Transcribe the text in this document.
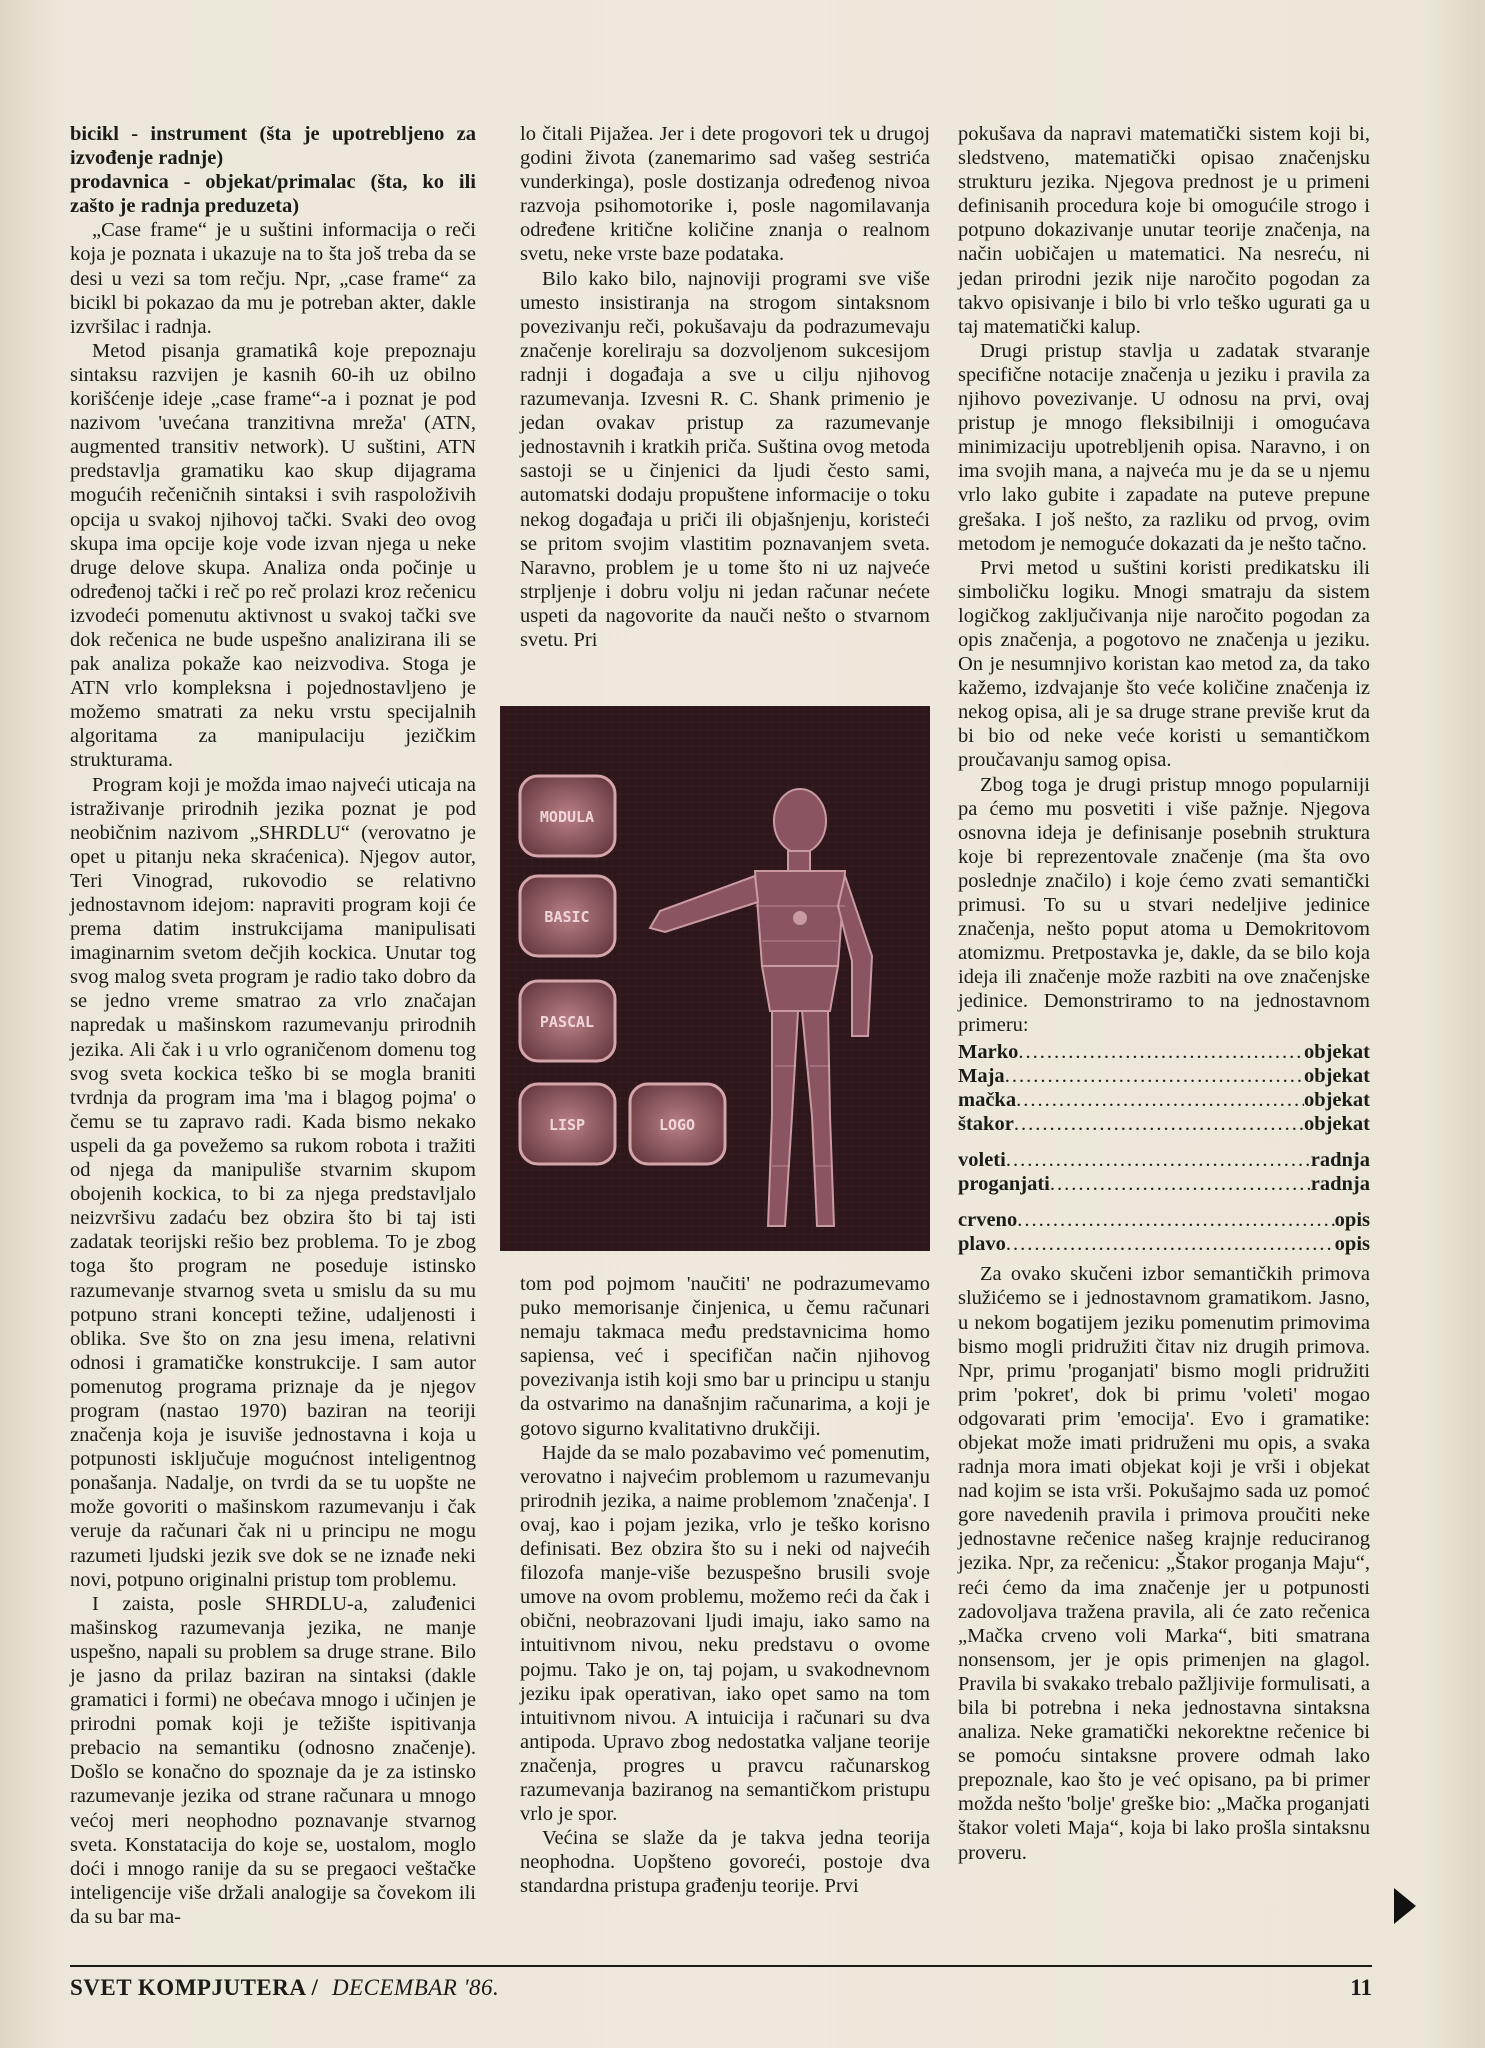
bicikl - instrument (šta je upotrebljeno za izvođenje radnje)

prodavnica - objekat/primalac (šta, ko ili zašto je radnja preduzeta)

„Case frame“ je u suštini informacija o reči koja je poznata i ukazuje na to šta još treba da se desi u vezi sa tom rečju. Npr, „case frame“ za bicikl bi pokazao da mu je potreban akter, dakle izvršilac i radnja.

Metod pisanja gramatikâ koje prepoznaju sintaksu razvijen je kasnih 60-ih uz obilno korišćenje ideje „case frame“-a i poznat je pod nazivom 'uvećana tranzitivna mreža' (ATN, augmented transitiv network). U suštini, ATN predstavlja gramatiku kao skup dijagrama mogućih rečeničnih sintaksi i svih raspoloživih opcija u svakoj njihovoj tački. Svaki deo ovog skupa ima opcije koje vode izvan njega u neke druge delove skupa. Analiza onda počinje u određenoj tački i reč po reč prolazi kroz rečenicu izvodeći pomenutu aktivnost u svakoj tački sve dok rečenica ne bude uspešno analizirana ili se pak analiza pokaže kao neizvodiva. Stoga je ATN vrlo kompleksna i pojednostavljeno je možemo smatrati za neku vrstu specijalnih algoritama za manipulaciju jezičkim strukturama.

Program koji je možda imao najveći uticaja na istraživanje prirodnih jezika poznat je pod neobičnim nazivom „SHRDLU“ (verovatno je opet u pitanju neka skraćenica). Njegov autor, Teri Vinograd, rukovodio se relativno jednostavnom idejom: napraviti program koji će prema datim instrukcijama manipulisati imaginarnim svetom dečjih kockica. Unutar tog svog malog sveta program je radio tako dobro da se jedno vreme smatrao za vrlo značajan napredak u mašinskom razumevanju prirodnih jezika. Ali čak i u vrlo ograničenom domenu tog svog sveta kockica teško bi se mogla braniti tvrdnja da program ima 'ma i blagog pojma' o čemu se tu zapravo radi. Kada bismo nekako uspeli da ga povežemo sa rukom robota i tražiti od njega da manipuliše stvarnim skupom obojenih kockica, to bi za njega predstavljalo neizvršivu zadaću bez obzira što bi taj isti zadatak teorijski rešio bez problema. To je zbog toga što program ne poseduje istinsko razumevanje stvarnog sveta u smislu da su mu potpuno strani koncepti težine, udaljenosti i oblika. Sve što on zna jesu imena, relativni odnosi i gramatičke konstrukcije. I sam autor pomenutog programa priznaje da je njegov program (nastao 1970) baziran na teoriji značenja koja je isuviše jednostavna i koja u potpunosti isključuje mogućnost inteligentnog ponašanja. Nadalje, on tvrdi da se tu uopšte ne može govoriti o mašinskom razumevanju i čak veruje da računari čak ni u principu ne mogu razumeti ljudski jezik sve dok se ne iznađe neki novi, potpuno originalni pristup tom problemu.

I zaista, posle SHRDLU-a, zaluđenici mašinskog razumevanja jezika, ne manje uspešno, napali su problem sa druge strane. Bilo je jasno da prilaz baziran na sintaksi (dakle gramatici i formi) ne obećava mnogo i učinjen je prirodni pomak koji je težište ispitivanja prebacio na semantiku (odnosno značenje). Došlo se konačno do spoznaje da je za istinsko razumevanje jezika od strane računara u mnogo većoj meri neophodno poznavanje stvarnog sveta. Konstatacija do koje se, uostalom, moglo doći i mnogo ranije da su se pregaoci veštačke inteligencije više držali analogije sa čovekom ili da su bar ma-

lo čitali Pijažea. Jer i dete progovori tek u drugoj godini života (zanemarimo sad vašeg sestrića vunderkinga), posle dostizanja određenog nivoa razvoja psihomotorike i, posle nagomilavanja određene kritične količine znanja o realnom svetu, neke vrste baze podataka.

Bilo kako bilo, najnoviji programi sve više umesto insistiranja na strogom sintaksnom povezivanju reči, pokušavaju da podrazumevaju značenje koreliraju sa dozvoljenom sukcesijom radnji i događaja a sve u cilju njihovog razumevanja. Izvesni R. C. Shank primenio je jedan ovakav pristup za razumevanje jednostavnih i kratkih priča. Suština ovog metoda sastoji se u činjenici da ljudi često sami, automatski dodaju propuštene informacije o toku nekog događaja u priči ili objašnjenju, koristeći se pritom svojim vlastitim poznavanjem sveta. Naravno, problem je u tome što ni uz najveće strpljenje i dobru volju ni jedan računar nećete uspeti da nagovorite da nauči nešto o stvarnom svetu. Pri

MODULA
BASIC
PASCAL
LISP	LOGO

tom pod pojmom 'naučiti' ne podrazumevamo puko memorisanje činjenica, u čemu računari nemaju takmaca među predstavnicima homo sapiensa, već i specifičan način njihovog povezivanja istih koji smo bar u principu u stanju da ostvarimo na današnjim računarima, a koji je gotovo sigurno kvalitativno drukčiji.

Hajde da se malo pozabavimo već pomenutim, verovatno i najvećim problemom u razumevanju prirodnih jezika, a naime problemom 'značenja'. I ovaj, kao i pojam jezika, vrlo je teško korisno definisati. Bez obzira što su i neki od najvećih filozofa manje-više bezuspešno brusili svoje umove na ovom problemu, možemo reći da čak i obični, neobrazovani ljudi imaju, iako samo na intuitivnom nivou, neku predstavu o ovome pojmu. Tako je on, taj pojam, u svakodnevnom jeziku ipak operativan, iako opet samo na tom intuitivnom nivou. A intuicija i računari su dva antipoda. Upravo zbog nedostatka valjane teorije značenja, progres u pravcu računarskog razumevanja baziranog na semantičkom pristupu vrlo je spor.

Većina se slaže da je takva jedna teorija neophodna. Uopšteno govoreći, postoje dva standardna pristupa građenju teorije. Prvi

pokušava da napravi matematički sistem koji bi, sledstveno, matematički opisao značenjsku strukturu jezika. Njegova prednost je u primeni definisanih procedura koje bi omogućile strogo i potpuno dokazivanje unutar teorije značenja, na način uobičajen u matematici. Na nesreću, ni jedan prirodni jezik nije naročito pogodan za takvo opisivanje i bilo bi vrlo teško ugurati ga u taj matematički kalup.

Drugi pristup stavlja u zadatak stvaranje specifične notacije značenja u jeziku i pravila za njihovo povezivanje. U odnosu na prvi, ovaj pristup je mnogo fleksibilniji i omogućava minimizaciju upotrebljenih opisa. Naravno, i on ima svojih mana, a najveća mu je da se u njemu vrlo lako gubite i zapadate na puteve prepune grešaka. I još nešto, za razliku od prvog, ovim metodom je nemoguće dokazati da je nešto tačno.

Prvi metod u suštini koristi predikatsku ili simboličku logiku. Mnogi smatraju da sistem logičkog zaključivanja nije naročito pogodan za opis značenja, a pogotovo ne značenja u jeziku. On je nesumnjivo koristan kao metod za, da tako kažemo, izdvajanje što veće količine značenja iz nekog opisa, ali je sa druge strane previše krut da bi bio od neke veće koristi u semantičkom proučavanju samog opisa.

Zbog toga je drugi pristup mnogo popularniji pa ćemo mu posvetiti i više pažnje. Njegova osnovna ideja je definisanje posebnih struktura koje bi reprezentovale značenje (ma šta ovo poslednje značilo) i koje ćemo zvati semantički primusi. To su u stvari nedeljive jedinice značenja, nešto poput atoma u Demokritovom atomizmu. Pretpostavka je, dakle, da se bilo koja ideja ili značenje može razbiti na ove značenjske jedinice. Demonstriramo to na jednostavnom primeru:

Marko .....	objekat
Maja .....	objekat
mačka .....	objekat
štakor .....	objekat
voleti .....	radnja
proganjati .....	radnja
crveno .....	opis
plavo .....	opis

Za ovako skučeni izbor semantičkih primova služićemo se i jednostavnom gramatikom. Jasno, u nekom bogatijem jeziku pomenutim primovima bismo mogli pridružiti čitav niz drugih primova. Npr, primu 'proganjati' bismo mogli pridružiti prim 'pokret', dok bi primu 'voleti' mogao odgovarati prim 'emocija'. Evo i gramatike: objekat može imati pridruženi mu opis, a svaka radnja mora imati objekat koji je vrši i objekat nad kojim se ista vrši. Pokušajmo sada uz pomoć gore navedenih pravila i primova proučiti neke jednostavne rečenice našeg krajnje reduciranog jezika. Npr, za rečenicu: „Štakor proganja Maju“, reći ćemo da ima značenje jer u potpunosti zadovoljava tražena pravila, ali će zato rečenica „Mačka crveno voli Marka“, biti smatrana nonsensom, jer je opis primenjen na glagol. Pravila bi svakako trebalo pažljivije formulisati, a bila bi potrebna i neka jednostavna sintaksna analiza. Neke gramatički nekorektne rečenice bi se pomoću sintaksne provere odmah lako prepoznale, kao što je već opisano, pa bi primer možda nešto 'bolje' greške bio: „Mačka proganjati štakor voleti Maja“, koja bi lako prošla sintaksnu proveru.

SVET KOMPJUTERA / DECEMBAR '86.	11
